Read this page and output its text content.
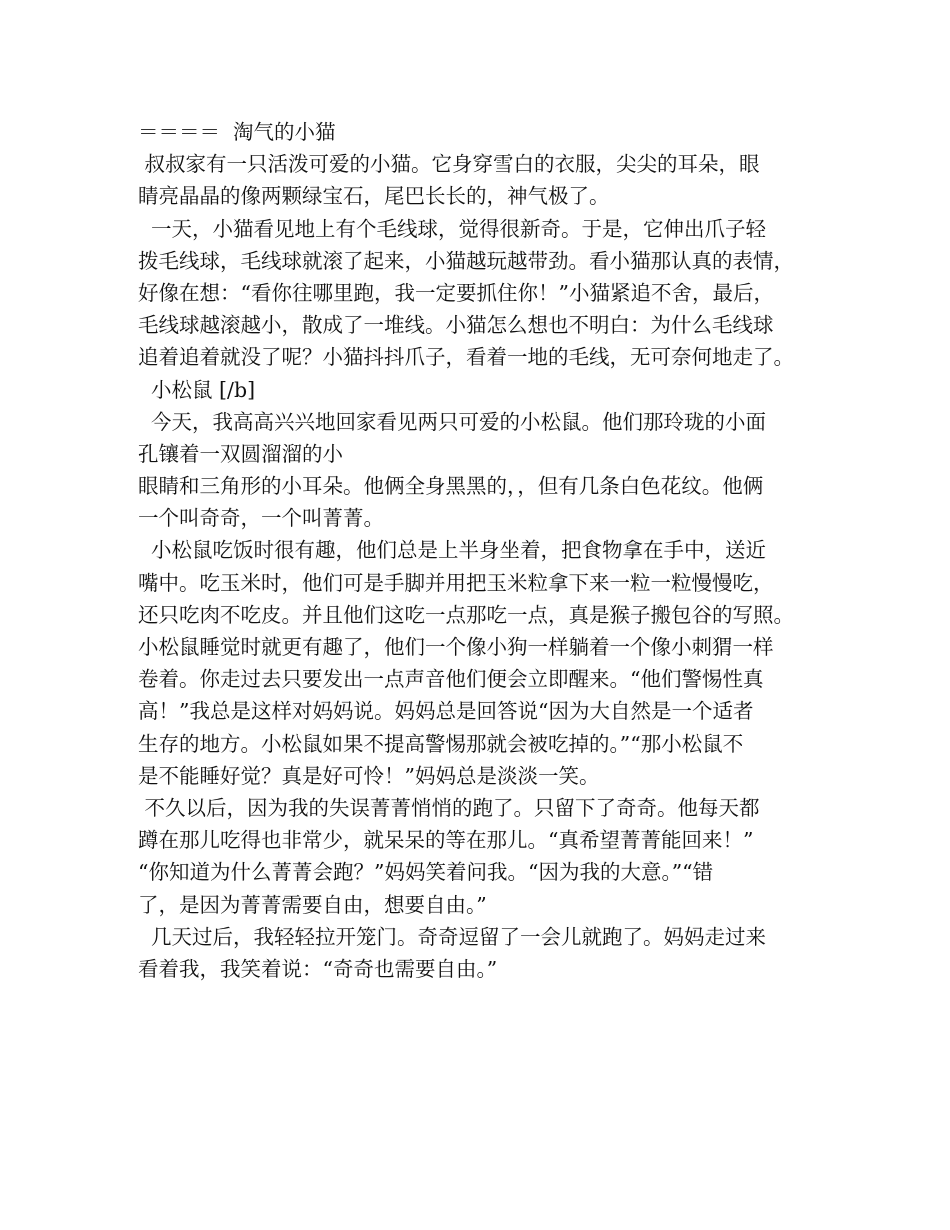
＝＝＝＝  淘气的小猫
叔叔家有一只活泼可爱的小猫。它身穿雪白的衣服，尖尖的耳朵，眼
睛亮晶晶的像两颗绿宝石，尾巴长长的，神气极了。
一天，小猫看见地上有个毛线球，觉得很新奇。于是，它伸出爪子轻
拨毛线球，毛线球就滚了起来，小猫越玩越带劲。看小猫那认真的表情，
好像在想：“看你往哪里跑，我一定要抓住你！”小猫紧追不舍，最后，
毛线球越滚越小，散成了一堆线。小猫怎么想也不明白：为什么毛线球
追着追着就没了呢？小猫抖抖爪子，看着一地的毛线，无可奈何地走了。
小松鼠 [/b]
今天，我高高兴兴地回家看见两只可爱的小松鼠。他们那玲珑的小面
孔镶着一双圆溜溜的小
眼睛和三角形的小耳朵。他俩全身黑黑的，，但有几条白色花纹。他俩
一个叫奇奇，一个叫菁菁。
小松鼠吃饭时很有趣，他们总是上半身坐着，把食物拿在手中，送近
嘴中。吃玉米时，他们可是手脚并用把玉米粒拿下来一粒一粒慢慢吃，
还只吃肉不吃皮。并且他们这吃一点那吃一点，真是猴子搬包谷的写照。
小松鼠睡觉时就更有趣了，他们一个像小狗一样躺着一个像小刺猬一样
卷着。你走过去只要发出一点声音他们便会立即醒来。“他们警惕性真
高！”我总是这样对妈妈说。妈妈总是回答说“因为大自然是一个适者
生存的地方。小松鼠如果不提高警惕那就会被吃掉的。”“那小松鼠不
是不能睡好觉？真是好可怜！”妈妈总是淡淡一笑。
不久以后，因为我的失误菁菁悄悄的跑了。只留下了奇奇。他每天都
蹲在那儿吃得也非常少，就呆呆的等在那儿。“真希望菁菁能回来！”
“你知道为什么菁菁会跑？”妈妈笑着问我。“因为我的大意。”“错
了，是因为菁菁需要自由，想要自由。”
几天过后，我轻轻拉开笼门。奇奇逗留了一会儿就跑了。妈妈走过来
看着我，我笑着说：“奇奇也需要自由。”
